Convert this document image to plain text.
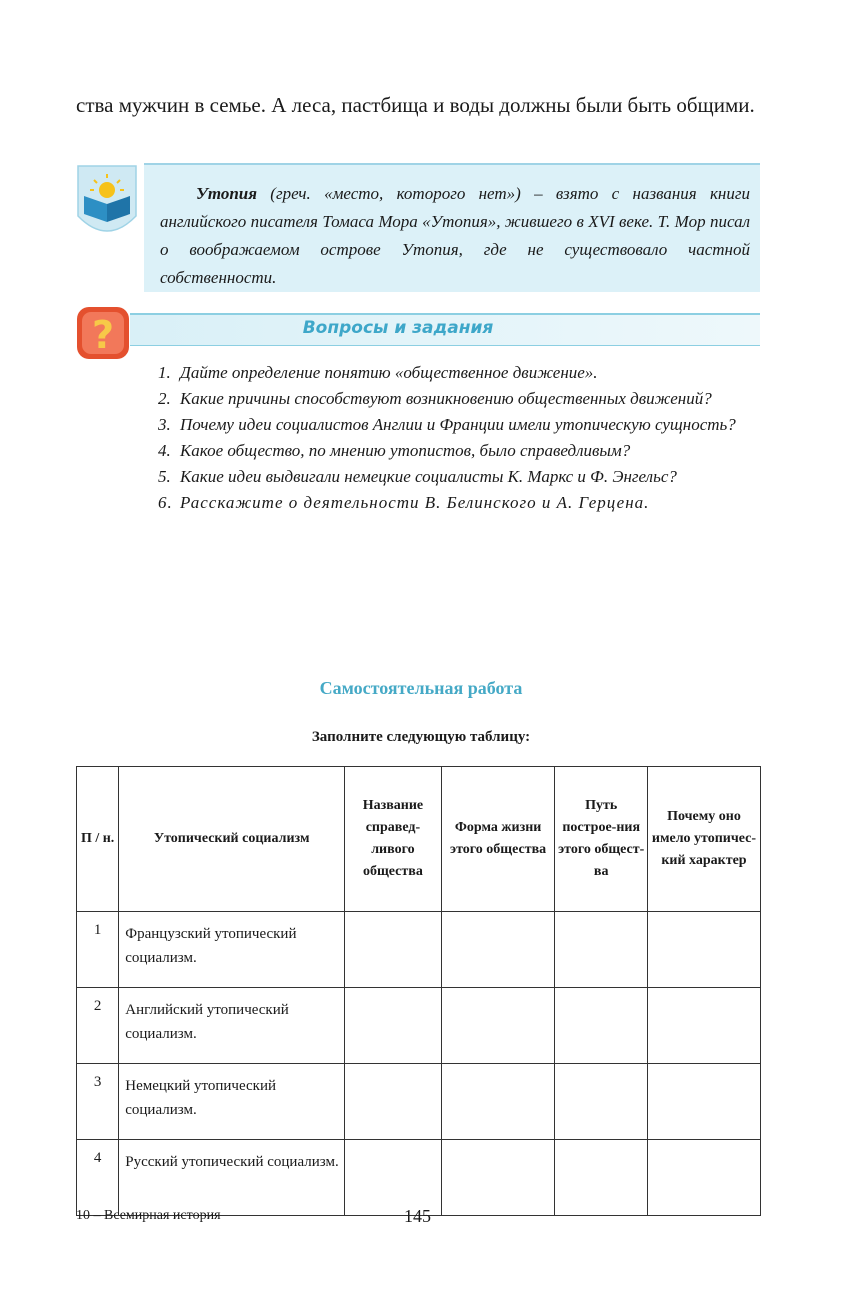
ства мужчин в семье. А леса, пастбища и воды должны были быть общими.
Утопия (греч. «место, которого нет») – взято с названия книги английского писателя Томаса Мора «Утопия», жившего в XVI веке. Т. Мор писал о воображаемом острове Утопия, где не существовало частной собственности.
?	Вопросы и задания
1. Дайте определение понятию «общественное движение».
2. Какие причины способствуют возникновению общественных движений?
3. Почему идеи социалистов Англии и Франции имели утопическую сущность?
4. Какое общество, по мнению утопистов, было справедливым?
5. Какие идеи выдвигали немецкие социалисты К. Маркс и Ф. Энгельс?
6. Расскажите о деятельности В. Белинского и А. Герцена.
Самостоятельная работа
Заполните следующую таблицу:
П / н.	Утопический социализм	Название справед-ливого общества	Форма жизни этого общества	Путь построе-ния этого общест-ва	Почему оно имело утопичес-кий характер
1	Французский утопический социализм.				
2	Английский утопический социализм.				
3	Немецкий утопический социализм.				
4	Русский утопический социализм.				
10 – Всемирная история	145
